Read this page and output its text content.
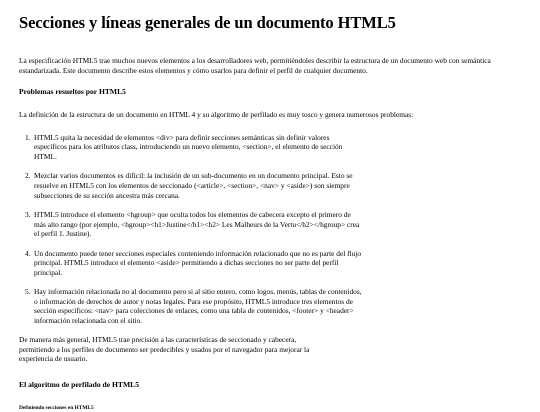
Secciones y líneas generales de un documento HTML5

La especificación HTML5 trae muchos nuevos elementos a los desarrolladores web, permitiéndoles describir la estructura de un documento web con semántica estandarizada. Este documento describe estos elementos y cómo usarlos para definir el perfil de cualquier documento.

Problemas resueltos por HTML5

La definición de la estructura de un documento en HTML 4 y su algoritmo de perfilado es muy tosco y genera numerosos problemas:

1. HTML5 quita la necesidad de elementos <div> para definir secciones semánticas sin definir valores específicos para los atributos class, introduciendo un nuevo elemento, <section>, el elemento de sección HTML.
2. Mezclar varios documentos es difícil: la inclusión de un sub-documento en un documento principal. Esto se resuelve en HTML5 con los elementos de seccionado (<article>, <section>, <nav> y <aside>) son siempre subsecciones de su sección ancestra más cercana.
3. HTML5 introduce el elemento <hgroup> que oculta todos los elementos de cabecera excepto el primero de más alto rango (por ejemplo, <hgroup><h1>Justine</h1><h2> Les Malheurs de la Vertu</h2></hgroup> crea el perfil 1. Justine).
4. Un documento puede tener secciones especiales conteniendo información relacionado que no es parte del flujo principal. HTML5 introduce el elemento <aside> permitiendo a dichas secciones no ser parte del perfil principal.
5. Hay información relacionada no al documento pero si al sitio entero, como logos, menús, tablas de contenidos, o información de derechos de autor y notas legales. Para ese propósito, HTML5 introduce tres elementos de sección específicos: <nav> para colecciones de enlaces, como una tabla de contenidos, <footer> y <header> información relacionada con el sitio.

De manera más general, HTML5 trae precisión a las características de seccionado y cabecera, permitiendo a los perfiles de documento ser predecibles y usados por el navegador para mejorar la experiencia de usuario.

El algoritmo de perfilado de HTML5
Definiendo secciones en HTML5
